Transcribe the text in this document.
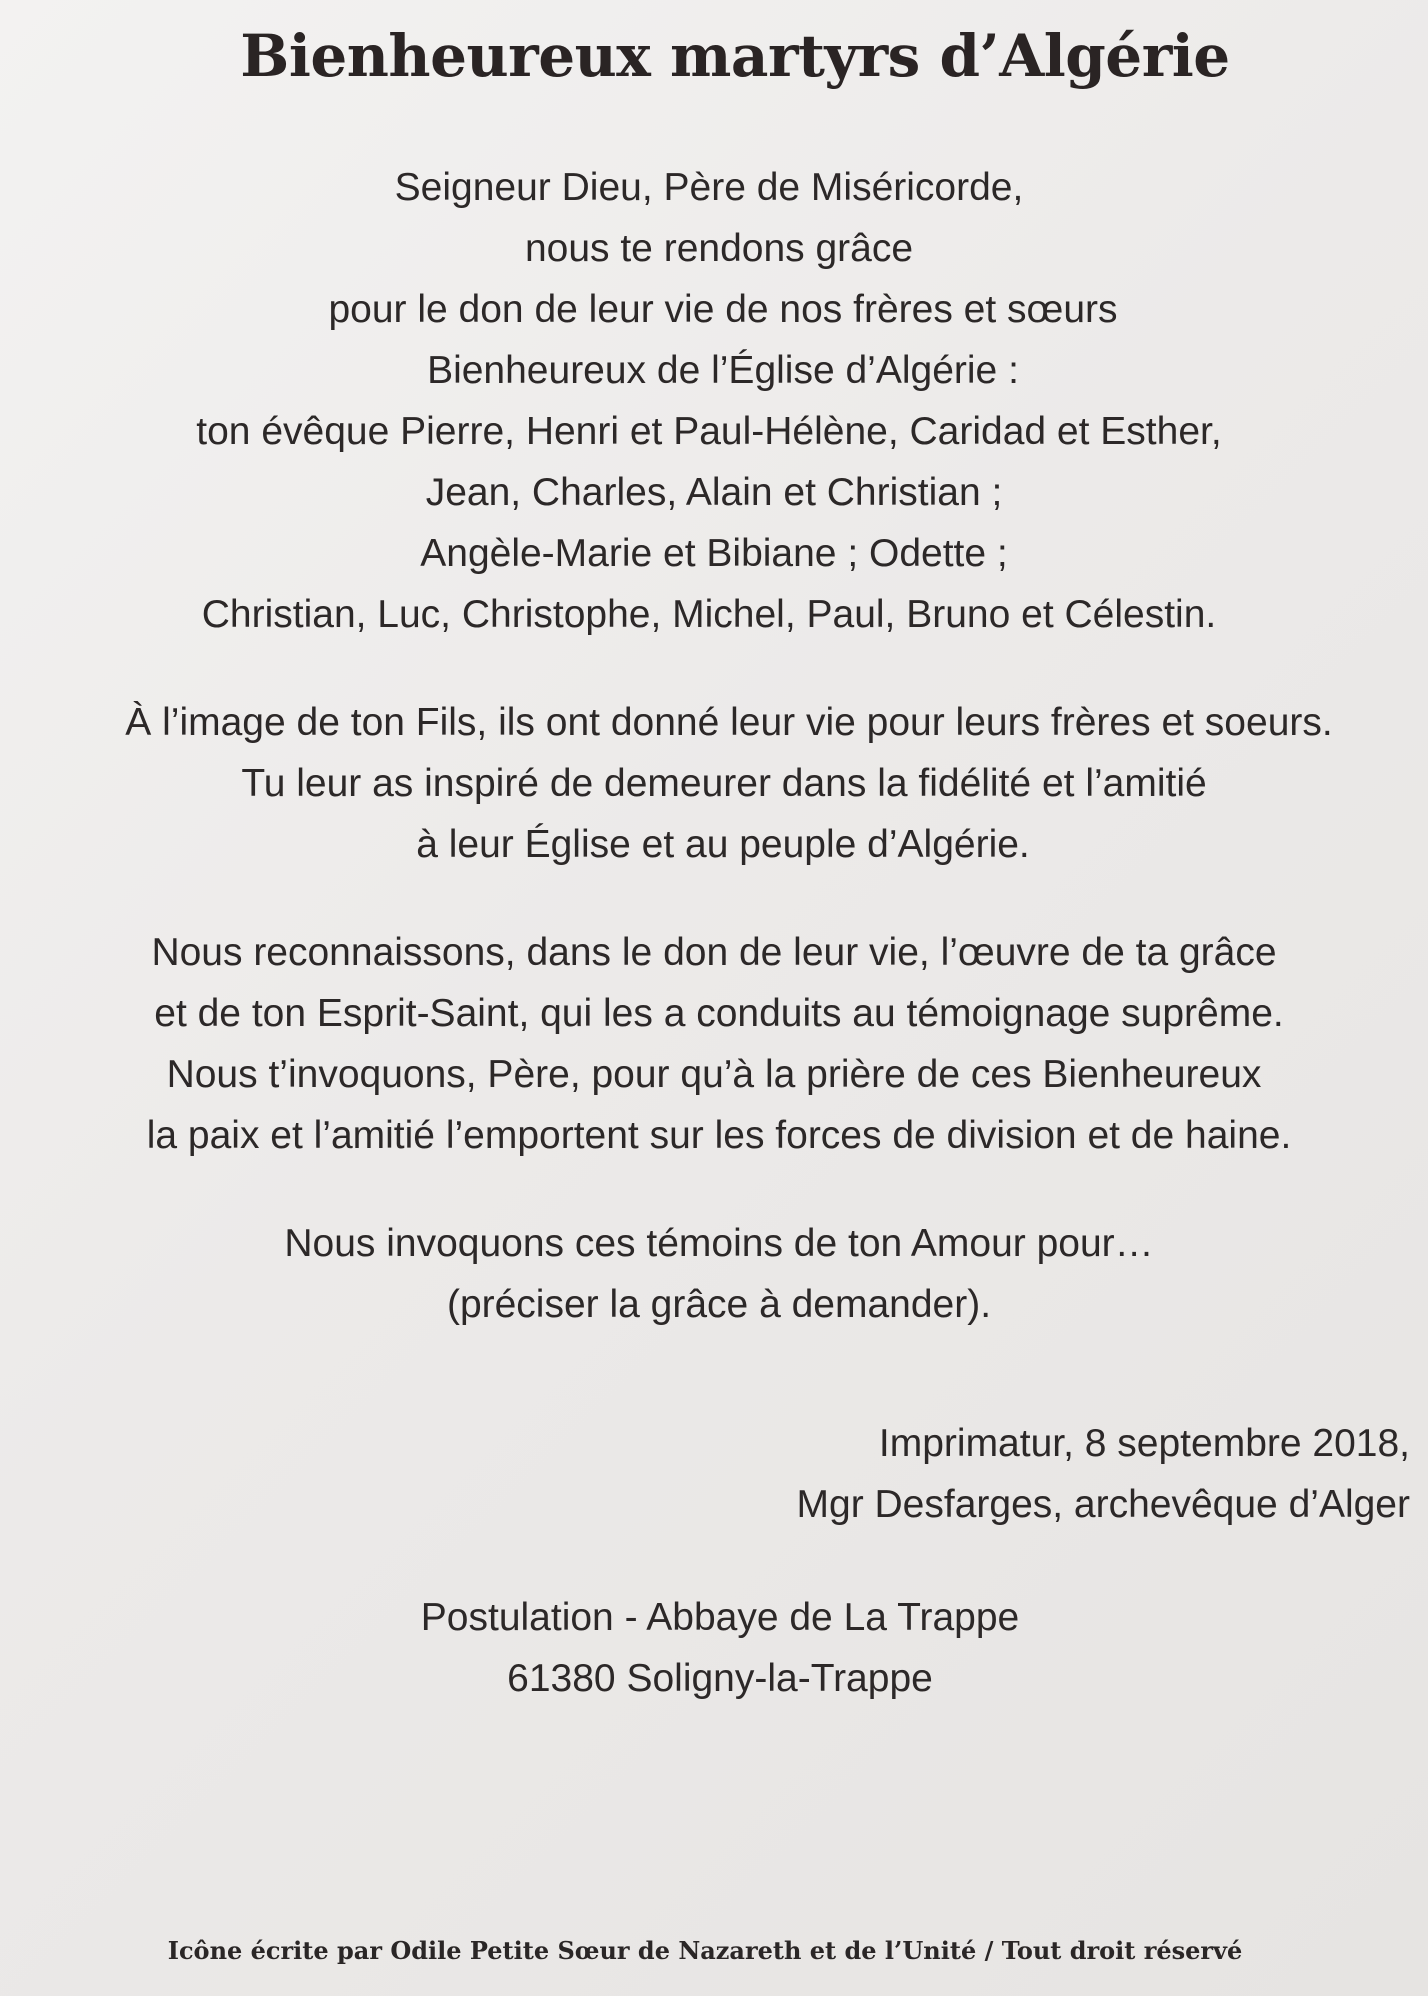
Bienheureux martyrs d’Algérie
Seigneur Dieu, Père de Miséricorde,
nous te rendons grâce
pour le don de leur vie de nos frères et sœurs
Bienheureux de l’Église d’Algérie :
ton évêque Pierre, Henri et Paul-Hélène, Caridad et Esther,
Jean, Charles, Alain et Christian ;
Angèle-Marie et Bibiane ; Odette ;
Christian, Luc, Christophe, Michel, Paul, Bruno et Célestin.
À l’image de ton Fils, ils ont donné leur vie pour leurs frères et soeurs.
Tu leur as inspiré de demeurer dans la fidélité et l’amitié
à leur Église et au peuple d’Algérie.
Nous reconnaissons, dans le don de leur vie, l’œuvre de ta grâce
et de ton Esprit-Saint, qui les a conduits au témoignage suprême.
Nous t’invoquons, Père, pour qu’à la prière de ces Bienheureux
la paix et l’amitié l’emportent sur les forces de division et de haine.
Nous invoquons ces témoins de ton Amour pour…
(préciser la grâce à demander).
Imprimatur, 8 septembre 2018,
Mgr Desfarges, archevêque d’Alger
Postulation - Abbaye de La Trappe
61380 Soligny-la-Trappe
Icône écrite par Odile Petite Sœur de Nazareth et de l’Unité / Tout droit réservé
